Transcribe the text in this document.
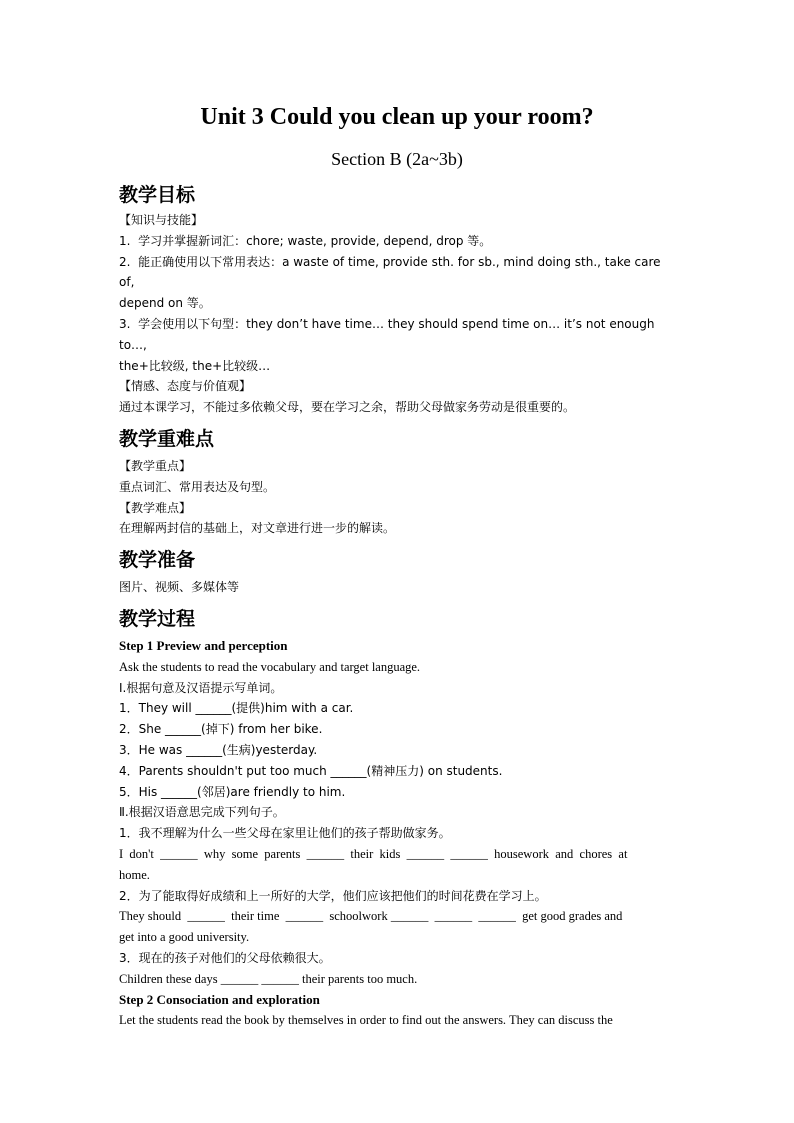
Unit 3 Could you clean up your room?

Section B (2a~3b)

教学目标

【知识与技能】

1.  学习并掌握新词汇：chore; waste, provide, depend, drop 等。

2.  能正确使用以下常用表达：a waste of time, provide sth. for sb., mind doing sth., take care of,

depend on 等。

3.  学会使用以下句型：they don’t have time… they should spend time on… it’s not enough to…,

the+比较级, the+比较级…

【情感、态度与价值观】

通过本课学习，不能过多依赖父母，要在学习之余，帮助父母做家务劳动是很重要的。

教学重难点

【教学重点】

重点词汇、常用表达及句型。

【教学难点】

在理解两封信的基础上，对文章进行进一步的解读。

教学准备

图片、视频、多媒体等

教学过程

Step 1 Preview and perception

Ask the students to read the vocabulary and target language.

Ⅰ.根据句意及汉语提示写单词。

1．They will ______(提供)him with a car.

2．She ______(掉下) from her bike.

3．He was ______(生病)yesterday.

4．Parents shouldn't put too much ______(精神压力) on students.

5．His ______(邻居)are friendly to him.

Ⅱ.根据汉语意思完成下列句子。

1．我不理解为什么一些父母在家里让他们的孩子帮助做家务。

I  don't  ______  why  some  parents  ______  their  kids  ______  ______  housework  and  chores  at

home.

2．为了能取得好成绩和上一所好的大学，他们应该把他们的时间花费在学习上。

They should  ______  their time  ______  schoolwork ______  ______  ______  get good grades and

get into a good university.

3．现在的孩子对他们的父母依赖很大。

Children these days ______ ______ their parents too much.

Step 2 Consociation and exploration

Let the students read the book by themselves in order to find out the answers. They can discuss the
